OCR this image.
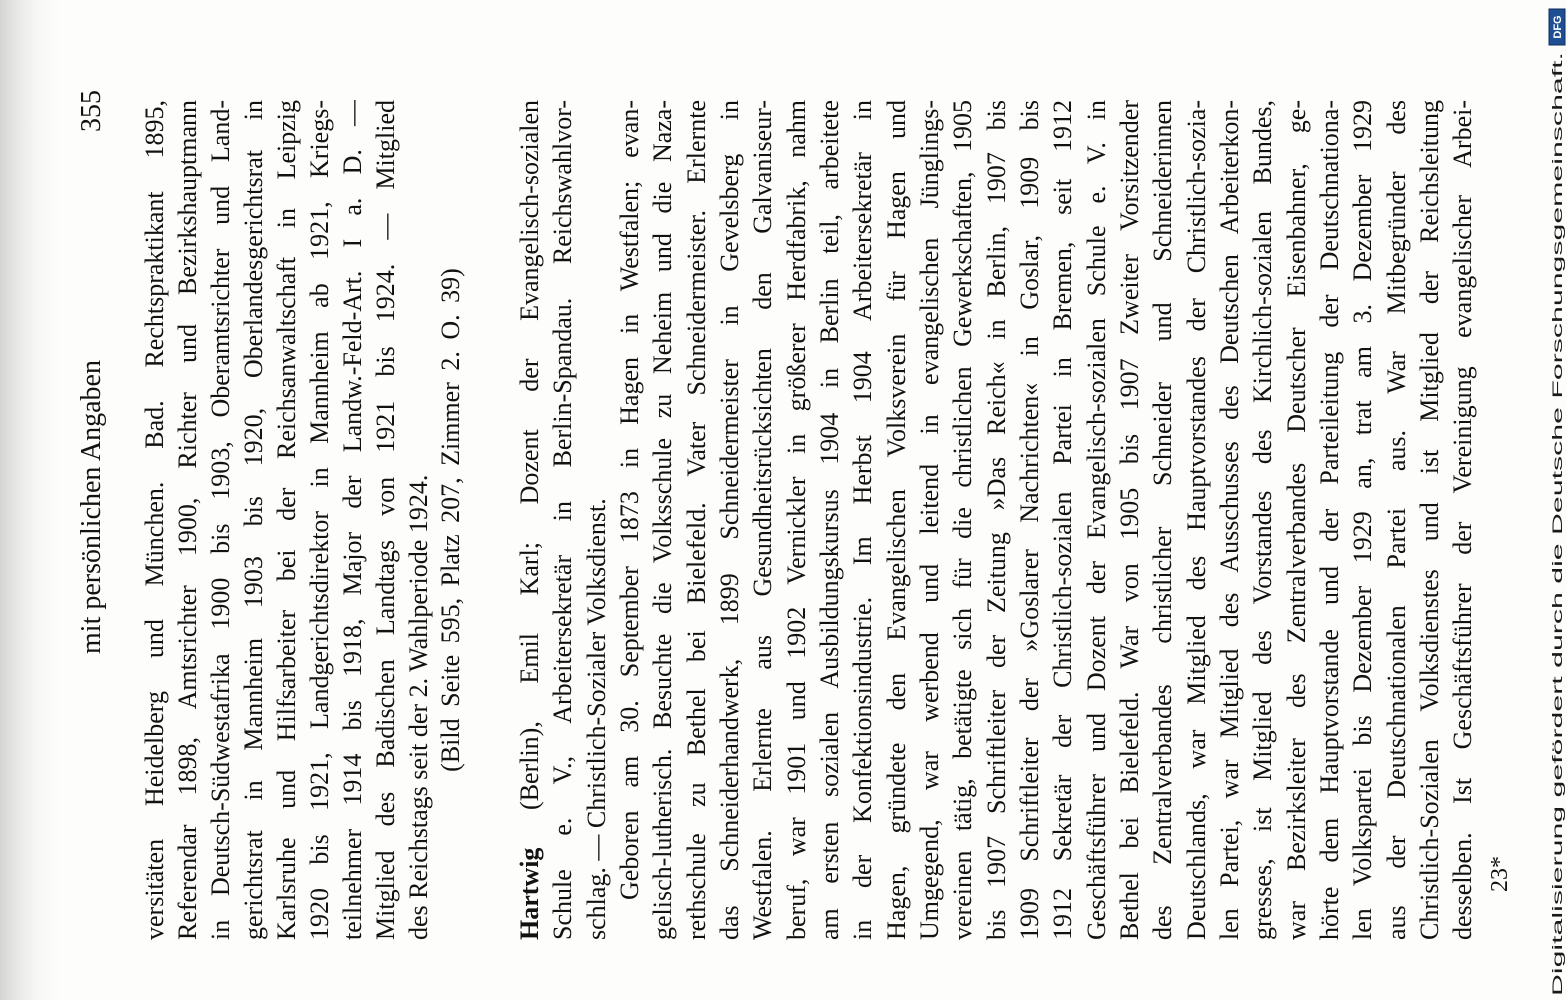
mit persönlichen Angaben
355 versitäten Heidelberg und München. Bad. Rechtspraktikant 1895, Referendar 1898, Amtsrichter 1900, Richter und Bezirkshauptmann in Deutsch-Südwestafrika 1900 bis 1903, Oberamtsrichter und Land- gerichtsrat in Mannheim 1903 bis 1920, Oberlandesgerichtsrat in Karlsruhe und Hilfsarbeiter bei der Reichsanwaltschaft in Leipzig 1920 bis 1921, Landgerichtsdirektor in Mannheim ab 1921, Kriegs- teilnehmer 1914 bis 1918, Major der Landw.-Feld-Art. I a. D. — Mitglied des Badischen Landtags von 1921 bis 1924. — Mitglied des Reichstags seit der 2. Wahlperiode 1924. (Bild Seite 595, Platz 207, Zimmer 2. O. 39)
Hartwig (Berlin), Emil Karl; Dozent der Evangelisch-sozialen Schule e. V., Arbeitersekretär in Berlin-Spandau. Reichswahlvor- schlag. — Christlich-Sozialer Volksdienst. Geboren am 30. September 1873 in Hagen in Westfalen; evan- gelisch-lutherisch. Besuchte die Volksschule zu Neheim und die Naza- rethschule zu Bethel bei Bielefeld. Vater Schneidermeister. Erlernte das Schneiderhandwerk, 1899 Schneidermeister in Gevelsberg in Westfalen. Erlernte aus Gesundheitsrücksichten den Galvaniseur- beruf, war 1901 und 1902 Vernickler in größerer Herdfabrik, nahm am ersten sozialen Ausbildungskursus 1904 in Berlin teil, arbeitete in der Konfektionsindustrie. Im Herbst 1904 Arbeitersekretär in Hagen, gründete den Evangelischen Volksverein für Hagen und Umgegend, war werbend und leitend in evangelischen Jünglings- vereinen tätig, betätigte sich für die christlichen Gewerkschaften, 1905 bis 1907 Schriftleiter der Zeitung »Das Reich« in Berlin, 1907 bis 1909 Schriftleiter der »Goslarer Nachrichten« in Goslar, 1909 bis 1912 Sekretär der Christlich-sozialen Partei in Bremen, seit 1912 Geschäftsführer und Dozent der Evangelisch-sozialen Schule e. V. in Bethel bei Bielefeld. War von 1905 bis 1907 Zweiter Vorsitzender des Zentralverbandes christlicher Schneider und Schneiderinnen Deutschlands, war Mitglied des Hauptvorstandes der Christlich-sozia- len Partei, war Mitglied des Ausschusses des Deutschen Arbeiterkon- gresses, ist Mitglied des Vorstandes des Kirchlich-sozialen Bundes, war Bezirksleiter des Zentralverbandes Deutscher Eisenbahner, ge- hörte dem Hauptvorstande und der Parteileitung der Deutschnationa- len Volkspartei bis Dezember 1929 an, trat am 3. Dezember 1929 aus der Deutschnationalen Partei aus. War Mitbegründer des Christlich-Sozialen Volksdienstes und ist Mitglied der Reichsleitung desselben. Ist Geschäftsführer der Vereinigung evangelischer Arbei- 23*	Digitalisierung gefördert durch die Deutsche Forschungsgemeinschaft.
DFG
